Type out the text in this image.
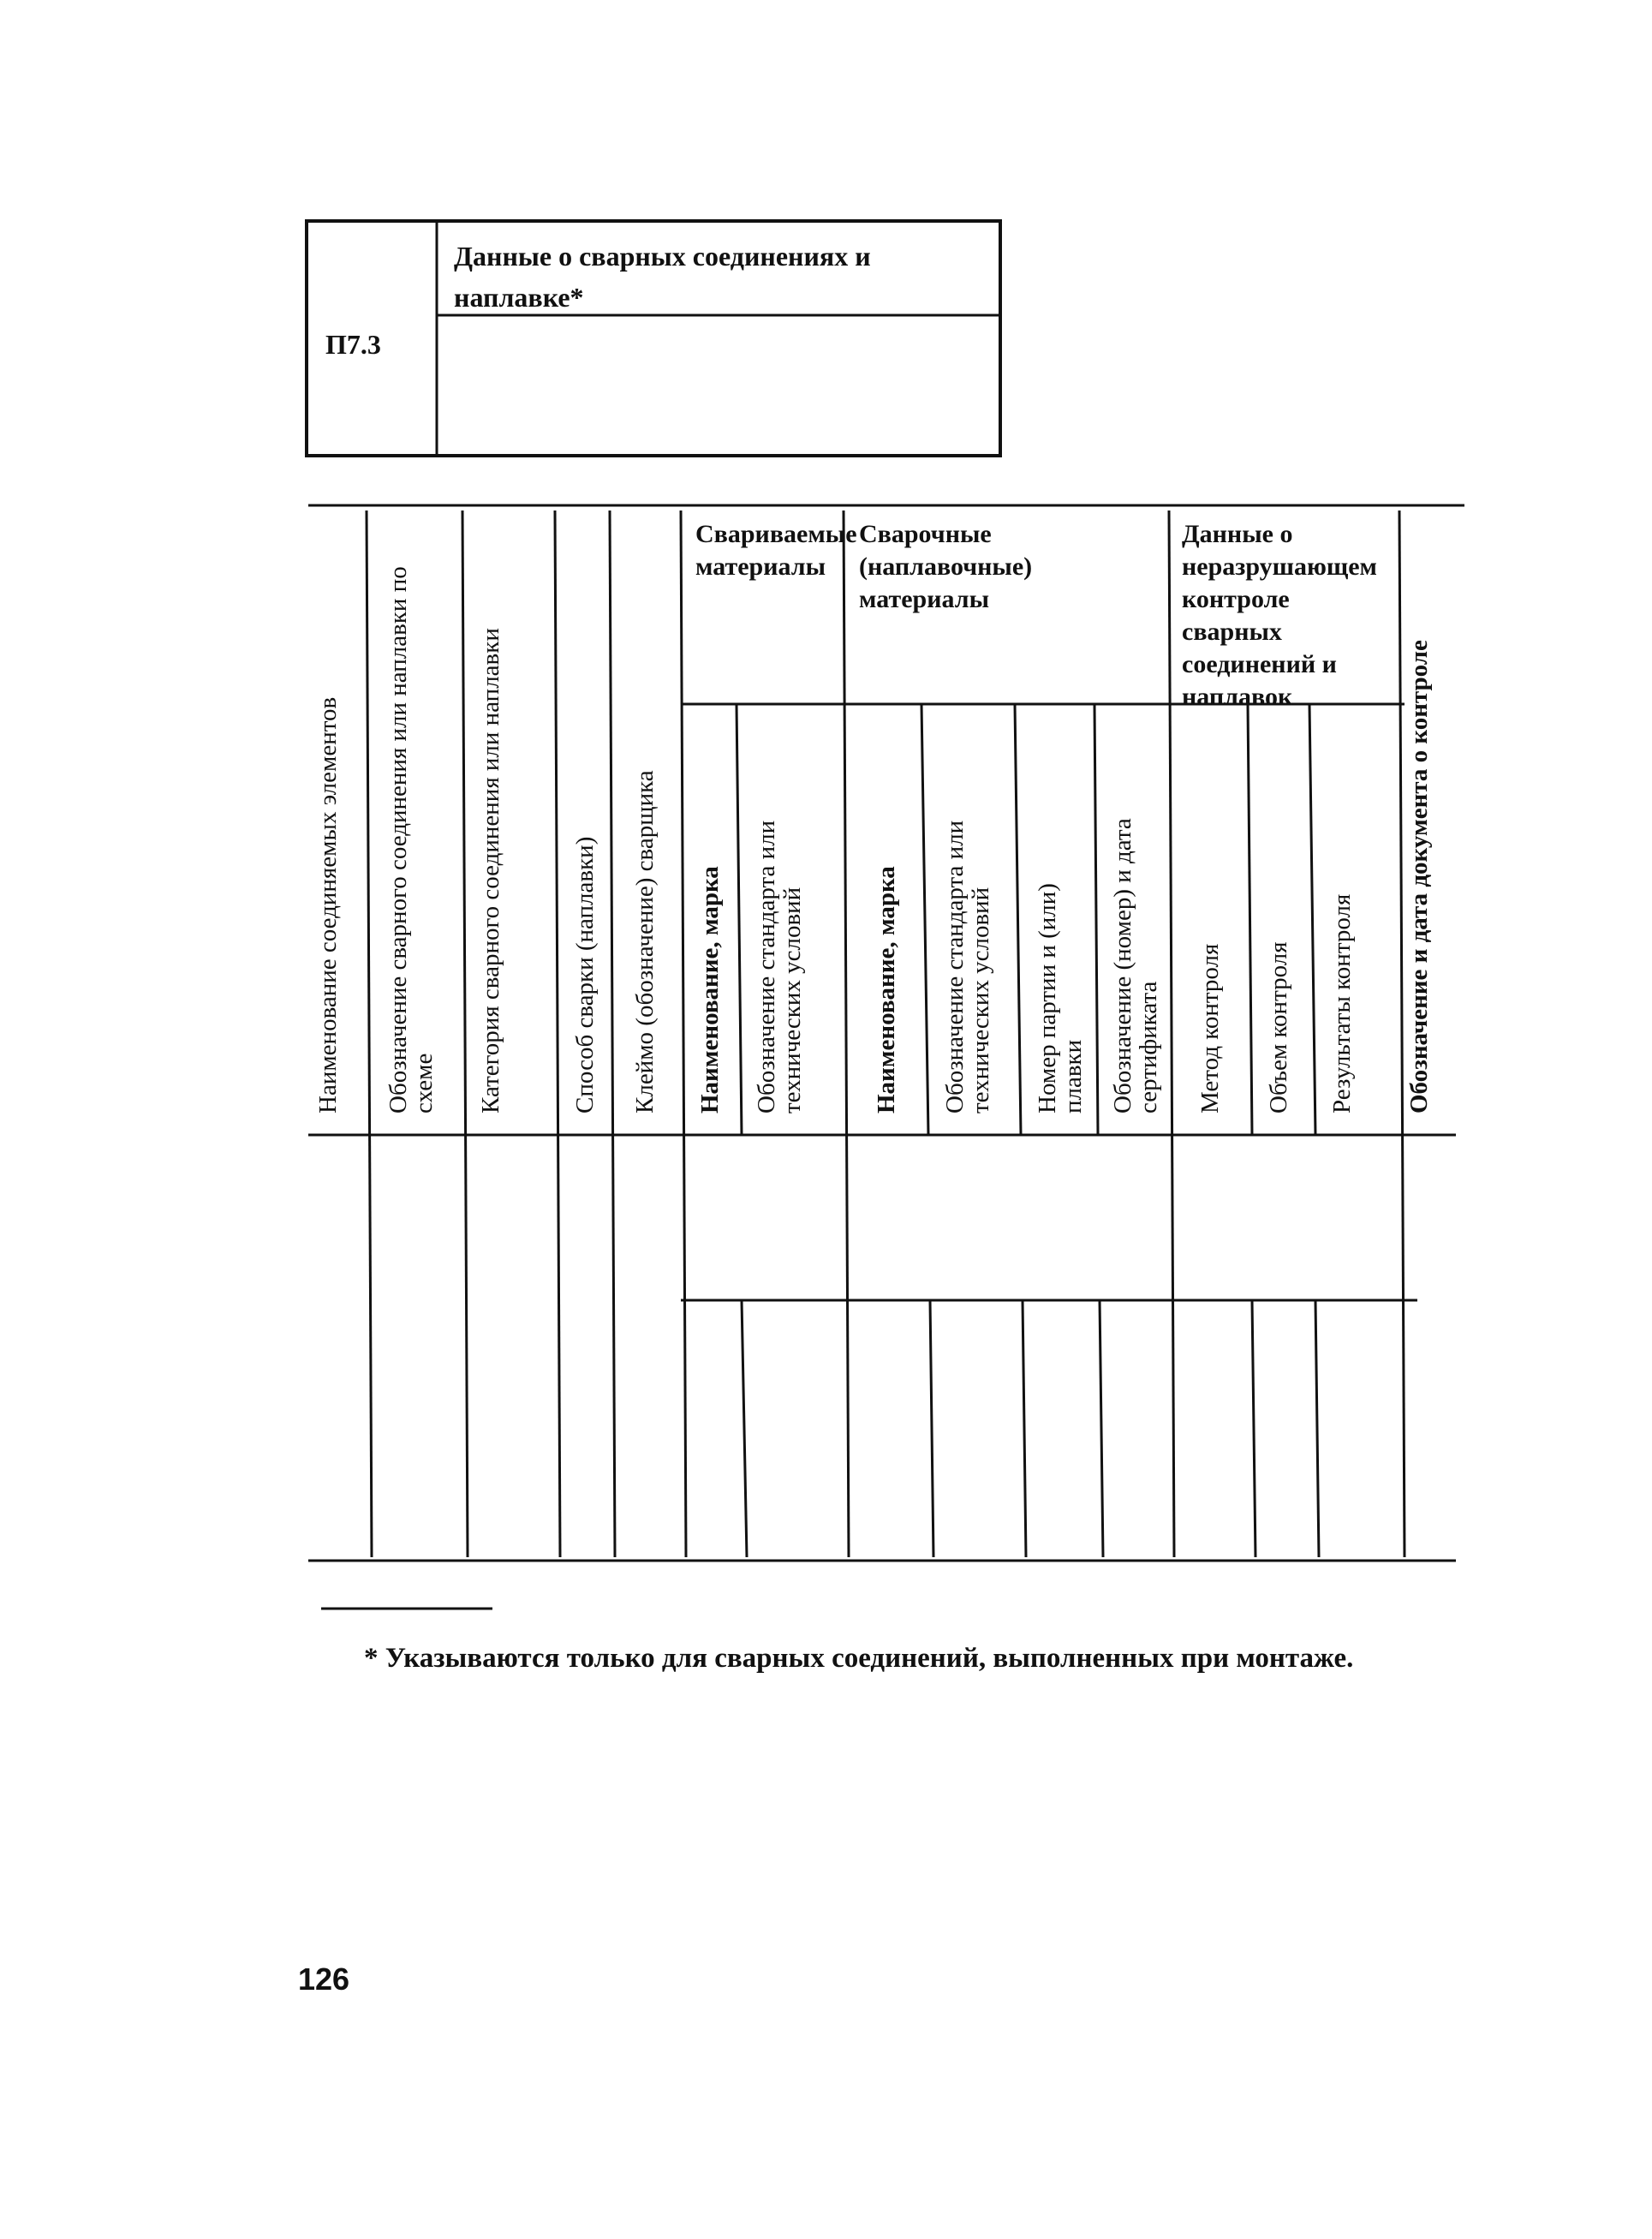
П7.3
Данные о сварных соединениях и наплавке*
Свариваемые материалы
Сварочные (наплавочные) материалы
Данные о неразрушающем контроле сварных соединений и наплавок
Наименование соединяемых элементов Обозначение сварного соединения или наплавки по схеме Категория сварного соединения или наплавки	Способ сварки (наплавки) Клеймо (обозначение) сварщика Наименование, марка Обозначение стандарта или технических условий	Наименование, марка Обозначение стандарта или технических условий Номер партии и (или) плавки Обозначение (номер) и дата сертификата Метод контроля Объем контроля Результаты контроля Обозначение и дата документа о контроле
* Указываются только для сварных соединений, выполненных при монтаже.
126
